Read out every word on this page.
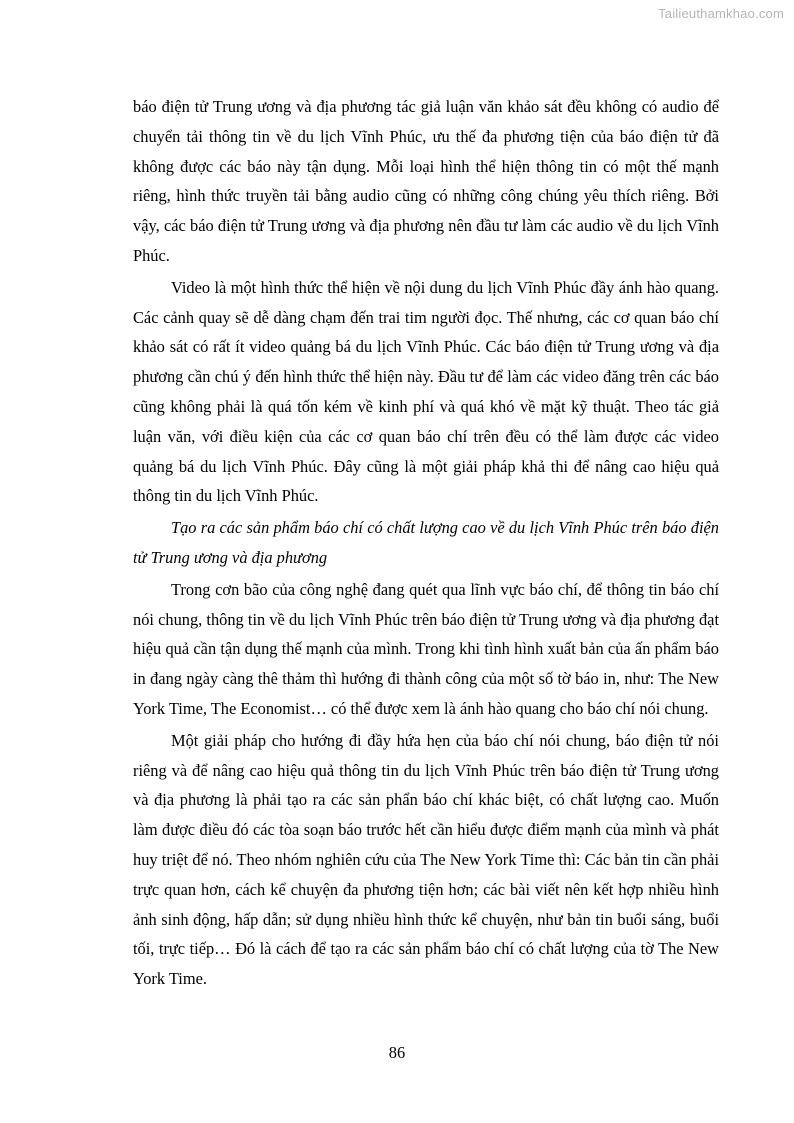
Tailieuthamkhao.com

báo điện tử Trung ương và địa phương tác giả luận văn khảo sát đều không có audio để chuyển tải thông tin về du lịch Vĩnh Phúc, ưu thế đa phương tiện của báo điện tử đã không được các báo này tận dụng. Mỗi loại hình thể hiện thông tin có một thế mạnh riêng, hình thức truyền tải bằng audio cũng có những công chúng yêu thích riêng. Bởi vậy, các báo điện tử Trung ương và địa phương nên đầu tư làm các audio về du lịch Vĩnh Phúc.

Video là một hình thức thể hiện về nội dung du lịch Vĩnh Phúc đầy ánh hào quang. Các cảnh quay sẽ dễ dàng chạm đến trai tim người đọc. Thế nhưng, các cơ quan báo chí khảo sát có rất ít video quảng bá du lịch Vĩnh Phúc. Các báo điện tử Trung ương và địa phương cần chú ý đến hình thức thể hiện này. Đầu tư để làm các video đăng trên các báo cũng không phải là quá tốn kém về kinh phí và quá khó về mặt kỹ thuật. Theo tác giả luận văn, với điều kiện của các cơ quan báo chí trên đều có thể làm được các video quảng bá du lịch Vĩnh Phúc. Đây cũng là một giải pháp khả thi để nâng cao hiệu quả thông tin du lịch Vĩnh Phúc.

Tạo ra các sản phẩm báo chí có chất lượng cao về du lịch Vĩnh Phúc trên báo điện tử Trung ương và địa phương

Trong cơn bão của công nghệ đang quét qua lĩnh vực báo chí, để thông tin báo chí nói chung, thông tin về du lịch Vĩnh Phúc trên báo điện tử Trung ương và địa phương đạt hiệu quả cần tận dụng thế mạnh của mình. Trong khi tình hình xuất bản của ấn phẩm báo in đang ngày càng thê thảm thì hướng đi thành công của một số tờ báo in, như: The New York Time, The Economist… có thể được xem là ánh hào quang cho báo chí nói chung.

Một giải pháp cho hướng đi đầy hứa hẹn của báo chí nói chung, báo điện tử nói riêng và để nâng cao hiệu quả thông tin du lịch Vĩnh Phúc trên báo điện tử Trung ương và địa phương là phải tạo ra các sản phẩn báo chí khác biệt, có chất lượng cao. Muốn làm được điều đó các tòa soạn báo trước hết cần hiểu được điểm mạnh của mình và phát huy triệt để nó. Theo nhóm nghiên cứu của The New York Time thì: Các bản tin cần phải trực quan hơn, cách kể chuyện đa phương tiện hơn; các bài viết nên kết hợp nhiều hình ảnh sinh động, hấp dẫn; sử dụng nhiều hình thức kể chuyện, như bản tin buổi sáng, buổi tối, trực tiếp… Đó là cách để tạo ra các sản phẩm báo chí có chất lượng của tờ The New York Time.

86
